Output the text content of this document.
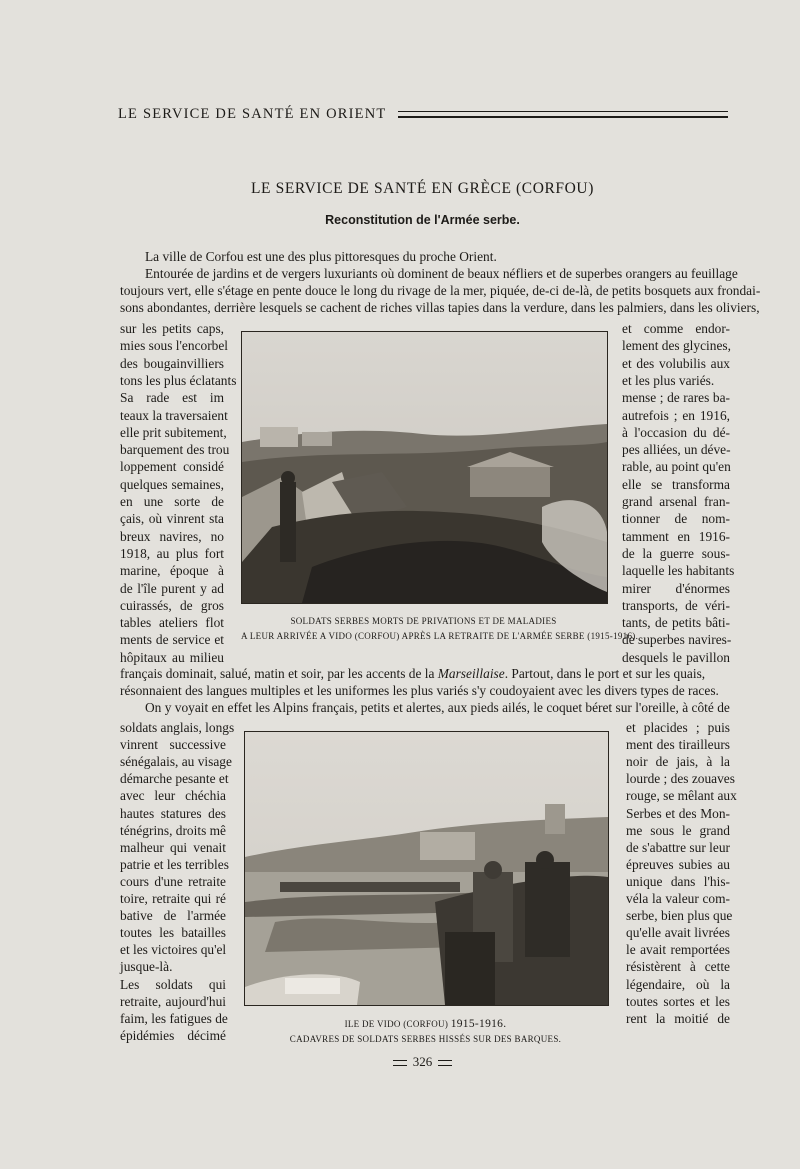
LE SERVICE DE SANTÉ EN ORIENT
LE SERVICE DE SANTÉ EN GRÈCE (CORFOU)
Reconstitution de l'Armée serbe.
La ville de Corfou est une des plus pittoresques du proche Orient.
Entourée de jardins et de vergers luxuriants où dominent de beaux néfliers et de superbes orangers au feuillage
toujours vert, elle s'étage en pente douce le long du rivage de la mer, piquée, de-ci de-là, de petits bosquets aux frondai-
sons abondantes, derrière lesquels se cachent de riches villas tapies dans la verdure, dans les palmiers, dans les oliviers,
sur les petits caps,
mies sous l'encorbel
des bougainvilliers
tons les plus éclatants
Sa rade est im
teaux la traversaient
elle prit subitement,
barquement des trou
loppement considé
quelques semaines,
en une sorte de
çais, où vinrent sta
breux navires, no
1918, au plus fort
marine, époque à
de l'île purent y ad
cuirassés, de gros
tables ateliers flot
ments de service et
hôpitaux au milieu
et comme endor-
lement des glycines,
et des volubilis aux
et les plus variés.
mense ; de rares ba-
autrefois ; en 1916,
à l'occasion du dé-
pes alliées, un déve-
rable, au point qu'en
elle se transforma
grand arsenal fran-
tionner de nom-
tamment en 1916-
de la guerre sous-
laquelle les habitants
mirer d'énormes
transports, de véri-
tants, de petits bâti-
de superbes navires-
desquels le pavillon
SOLDATS SERBES MORTS DE PRIVATIONS ET DE MALADIES
A LEUR ARRIVÉE A VIDO (CORFOU) APRÈS LA RETRAITE DE L'ARMÉE SERBE (1915-1916).
français dominait, salué, matin et soir, par les accents de la Marseillaise. Partout, dans le port et sur les quais,
résonnaient des langues multiples et les uniformes les plus variés s'y coudoyaient avec les divers types de races.
On y voyait en effet les Alpins français, petits et alertes, aux pieds ailés, le coquet béret sur l'oreille, à côté de
soldats anglais, longs
vinrent successive
sénégalais, au visage
démarche pesante et
avec leur chéchia
hautes statures des
ténégrins, droits mê
malheur qui venait
patrie et les terribles
cours d'une retraite
toire, retraite qui ré
bative de l'armée
toutes les batailles
et les victoires qu'el
jusque-là.
Les soldats qui
retraite, aujourd'hui
faim, les fatigues de
épidémies décimé
et placides ; puis
ment des tirailleurs
noir de jais, à la
lourde ; des zouaves
rouge, se mêlant aux
Serbes et des Mon-
me sous le grand
de s'abattre sur leur
épreuves subies au
unique dans l'his-
véla la valeur com-
serbe, bien plus que
qu'elle avait livrées
le avait remportées
résistèrent à cette
légendaire, où la
toutes sortes et les
rent la moitié de
ILE DE VIDO (CORFOU) 1915-1916.
CADAVRES DE SOLDATS SERBES HISSÉS SUR DES BARQUES.
326
